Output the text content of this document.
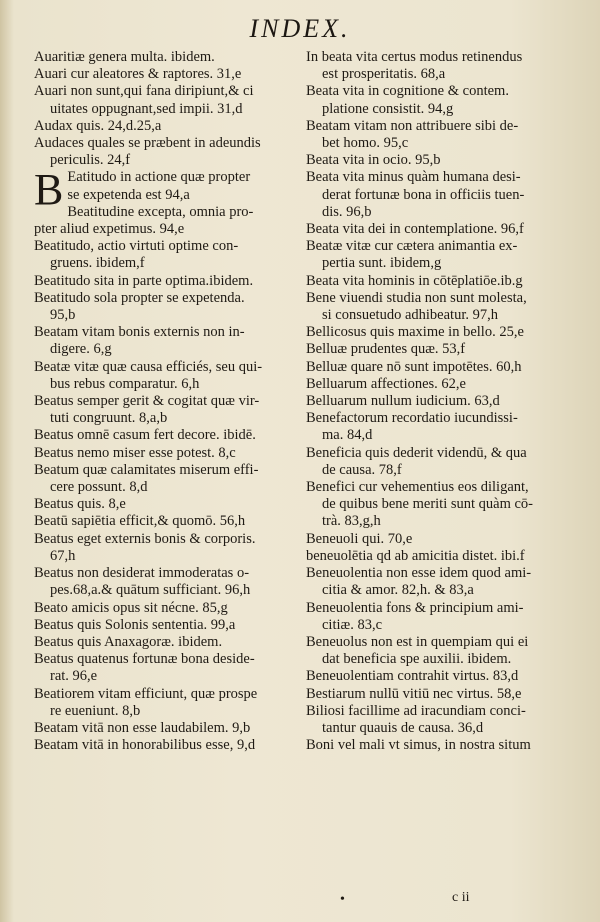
INDEX.
Auaritiæ genera multa. ibidem.
Auari cur aleatores & raptores. 31,e
Auari non sunt,qui fana diripiunt,& ci
uitates oppugnant,sed impii. 31,d
Audax quis. 24,d.25,a
Audaces quales se præbent in adeundis
periculis. 24,f
B Eatitudo in actione quæ propter
se expetenda est 94,a
Beatitudine excepta, omnia pro-
pter aliud expetimus. 94,e
Beatitudo, actio virtuti optime con-
gruens. ibidem,f
Beatitudo sita in parte optima.ibidem.
Beatitudo sola propter se expetenda.
95,b
Beatam vitam bonis externis non in-
digere. 6,g
Beatæ vitæ quæ causa efficiés, seu qui-
bus rebus comparatur. 6,h
Beatus semper gerit & cogitat quæ vir-
tuti congruunt. 8,a,b
Beatus omnē casum fert decore. ibidē.
Beatus nemo miser esse potest. 8,c
Beatum quæ calamitates miserum effi-
cere possunt. 8,d
Beatus quis. 8,e
Beatū sapiētia efficit,& quomō. 56,h
Beatus eget externis bonis & corporis.
67,h
Beatus non desiderat immoderatas o-
pes.68,a.& quātum sufficiant. 96,h
Beato amicis opus sit nécne. 85,g
Beatus quis Solonis sententia. 99,a
Beatus quis Anaxagoræ. ibidem.
Beatus quatenus fortunæ bona deside-
rat. 96,e
Beatiorem vitam efficiunt, quæ prospe
re eueniunt. 8,b
Beatam vitā non esse laudabilem. 9,b
Beatam vitā in honorabilibus esse, 9,d
In beata vita certus modus retinendus
est prosperitatis. 68,a
Beata vita in cognitione & contem.
platione consistit. 94,g
Beatam vitam non attribuere sibi de-
bet homo. 95,c
Beata vita in ocio. 95,b
Beata vita minus quàm humana desi-
derat fortunæ bona in officiis tuen-
dis. 96,b
Beata vita dei in contemplatione. 96,f
Beatæ vitæ cur cætera animantia ex-
pertia sunt. ibidem,g
Beata vita hominis in cōtēplatiōe.ib.g
Bene viuendi studia non sunt molesta,
si consuetudo adhibeatur. 97,h
Bellicosus quis maxime in bello. 25,e
Belluæ prudentes quæ. 53,f
Belluæ quare nō sunt impotētes. 60,h
Belluarum affectiones. 62,e
Belluarum nullum iudicium. 63,d
Benefactorum recordatio iucundissi-
ma. 84,d
Beneficia quis dederit videndū, & qua
de causa. 78,f
Benefici cur vehementius eos diligant,
de quibus bene meriti sunt quàm cō-
trà. 83,g,h
Beneuoli qui. 70,e
beneuolētia qd ab amicitia distet. ibi.f
Beneuolentia non esse idem quod ami-
citia & amor. 82,h. & 83,a
Beneuolentia fons & principium ami-
citiæ. 83,c
Beneuolus non est in quempiam qui ei
dat beneficia spe auxilii. ibidem.
Beneuolentiam contrahit virtus. 83,d
Bestiarum nullū vitiū nec virtus. 58,e
Biliosi facillime ad iracundiam conci-
tantur quauis de causa. 36,d
Boni vel mali vt simus, in nostra situm
•	c ii
